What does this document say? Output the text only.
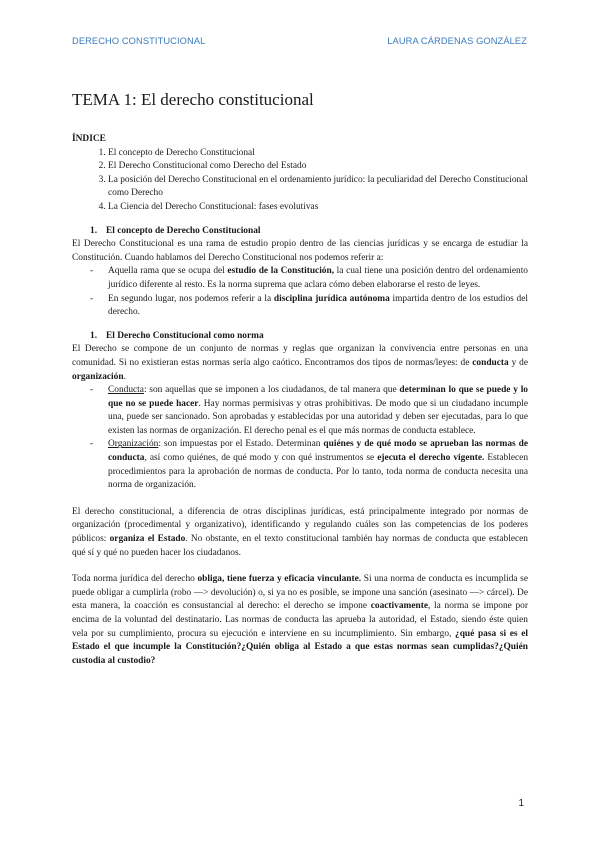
DERECHO CONSTITUCIONAL	LAURA CÁRDENAS GONZÁLEZ
TEMA 1: El derecho constitucional
ÍNDICE
1. El concepto de Derecho Constitucional
2. El Derecho Constitucional como Derecho del Estado
3. La posición del Derecho Constitucional en el ordenamiento jurídico: la peculiaridad del Derecho Constitucional como Derecho
4. La Ciencia del Derecho Constitucional: fases evolutivas
1. El concepto de Derecho Constitucional

El Derecho Constitucional es una rama de estudio propio dentro de las ciencias jurídicas y se encarga de estudiar la Constitución. Cuando hablamos del Derecho Constitucional nos podemos referir a:

- Aquella rama que se ocupa del estudio de la Constitución, la cual tiene una posición dentro del ordenamiento jurídico diferente al resto. Es la norma suprema que aclara cómo deben elaborarse el resto de leyes.
- En segundo lugar, nos podemos referir a la disciplina jurídica autónoma impartida dentro de los estudios del derecho.
1. El Derecho Constitucional como norma

El Derecho se compone de un conjunto de normas y reglas que organizan la convivencia entre personas en una comunidad. Si no existieran estas normas sería algo caótico. Encontramos dos tipos de normas/leyes: de conducta y de organización.

- Conducta: son aquellas que se imponen a los ciudadanos, de tal manera que determinan lo que se puede y lo que no se puede hacer. Hay normas permisivas y otras prohibitivas. De modo que si un ciudadano incumple una, puede ser sancionado. Son aprobadas y establecidas por una autoridad y deben ser ejecutadas, para lo que existen las normas de organización. El derecho penal es el que más normas de conducta establece.
- Organización: son impuestas por el Estado. Determinan quiénes y de qué modo se aprueban las normas de conducta, así como quiénes, de qué modo y con qué instrumentos se ejecuta el derecho vigente. Establecen procedimientos para la aprobación de normas de conducta. Por lo tanto, toda norma de conducta necesita una norma de organización.

El derecho constitucional, a diferencia de otras disciplinas jurídicas, está principalmente integrado por normas de organización (procedimental y organizativo), identificando y regulando cuáles son las competencias de los poderes públicos: organiza el Estado. No obstante, en el texto constitucional también hay normas de conducta que establecen qué sí y qué no pueden hacer los ciudadanos.

Toda norma jurídica del derecho obliga, tiene fuerza y eficacia vinculante. Si una norma de conducta es incumplida se puede obligar a cumplirla (robo —> devolución) o, si ya no es posible, se impone una sanción (asesinato —> cárcel). De esta manera, la coacción es consustancial al derecho: el derecho se impone coactivamente, la norma se impone por encima de la voluntad del destinatario. Las normas de conducta las aprueba la autoridad, el Estado, siendo éste quien vela por su cumplimiento, procura su ejecución e interviene en su incumplimiento. Sin embargo, ¿qué pasa si es el Estado el que incumple la Constitución?¿Quién obliga al Estado a que estas normas sean cumplidas?¿Quién custodia al custodio?

1
